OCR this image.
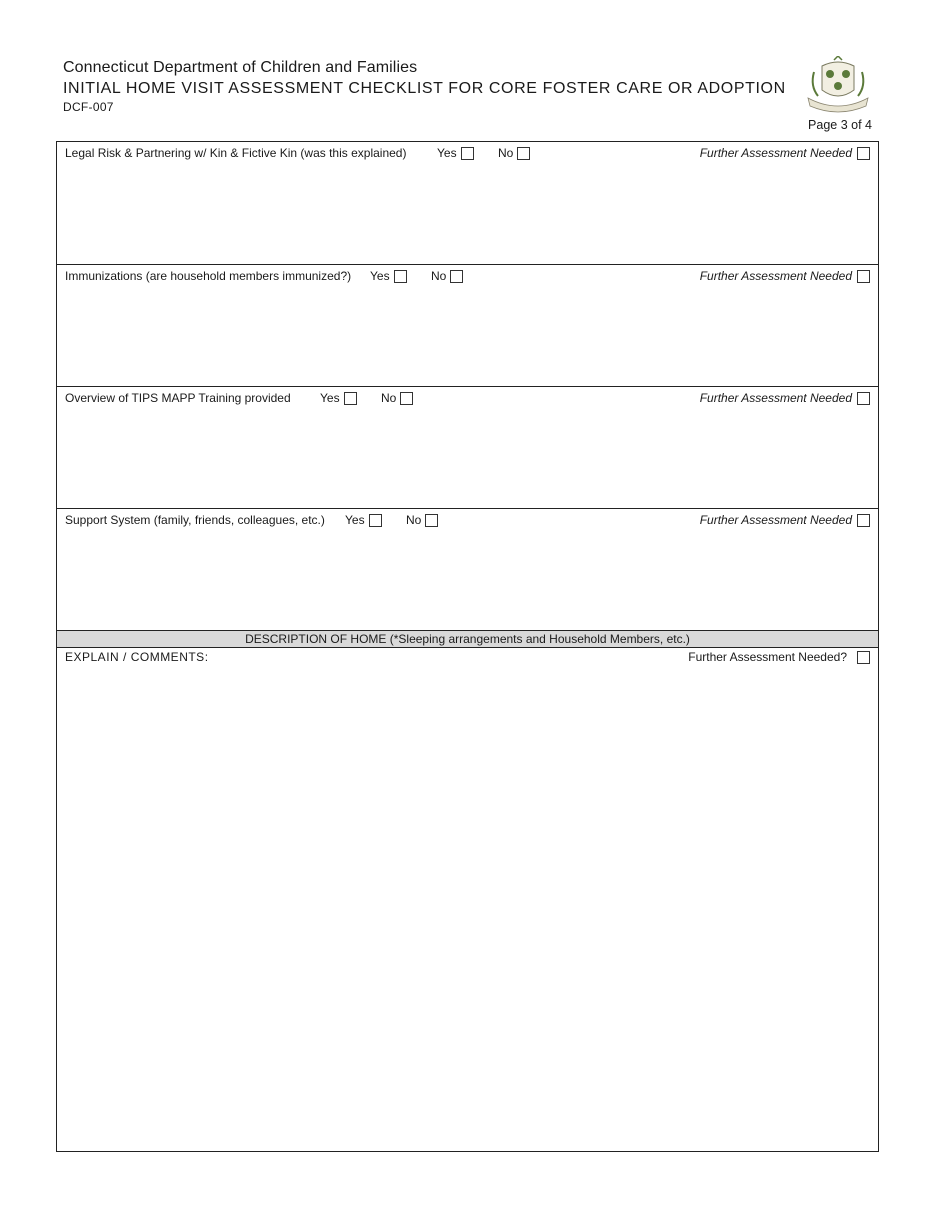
Connecticut Department of Children and Families
INITIAL HOME VISIT ASSESSMENT CHECKLIST FOR CORE FOSTER CARE OR ADOPTION
DCF-007
Page 3 of 4
Legal Risk & Partnering w/ Kin & Fictive Kin (was this explained)	Yes	No	Further Assessment Needed
Immunizations (are household members immunized?)	Yes	No	Further Assessment Needed
Overview of TIPS MAPP Training provided	Yes	No	Further Assessment Needed
Support System (family, friends, colleagues, etc.)	Yes	No	Further Assessment Needed
DESCRIPTION OF HOME (*Sleeping arrangements and Household Members, etc.)
EXPLAIN / COMMENTS:	Further Assessment Needed?
